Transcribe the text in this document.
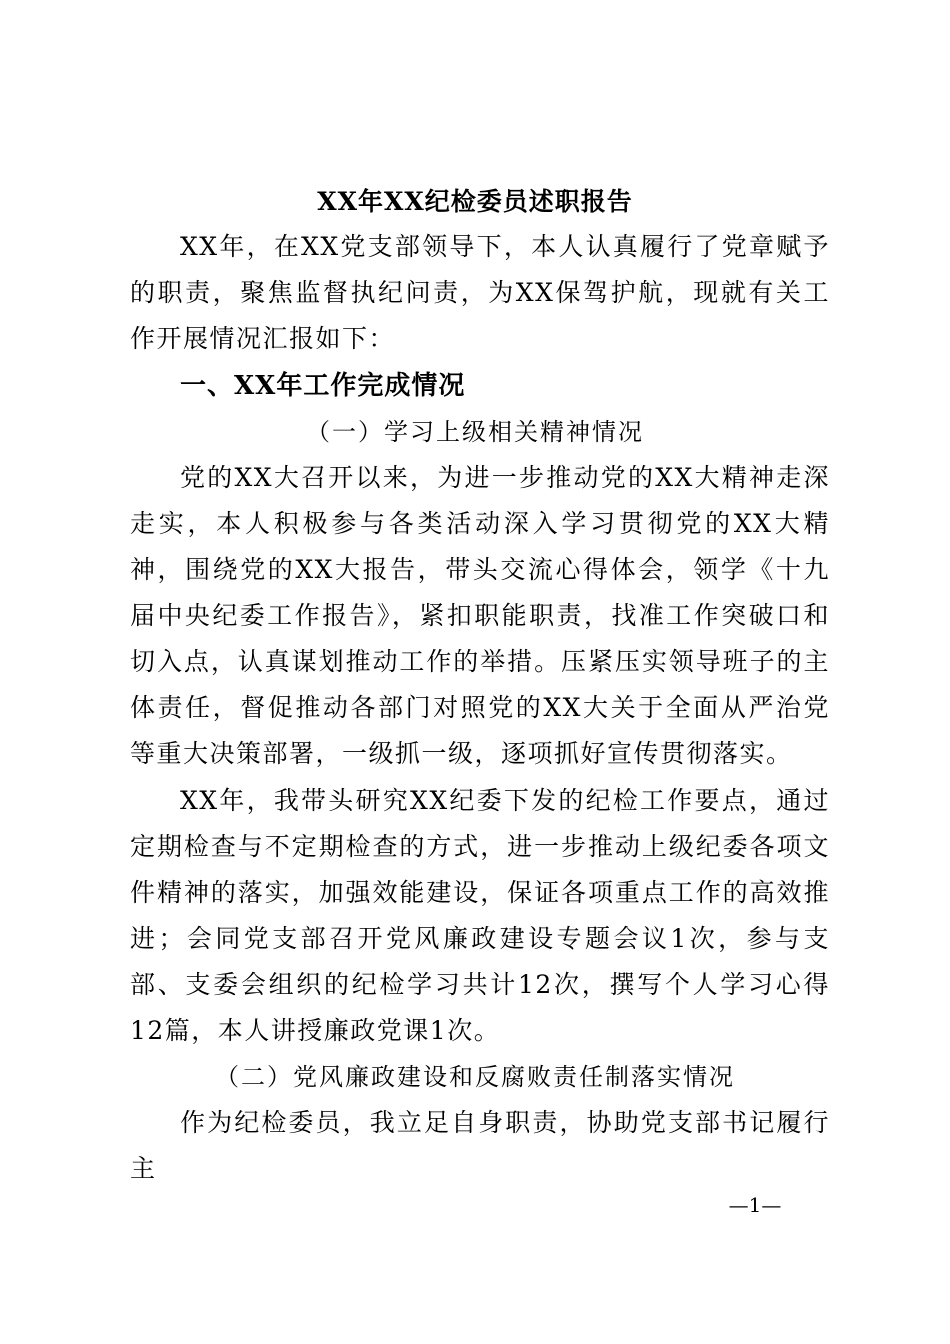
XX年XX纪检委员述职报告
XX年，在XX党支部领导下，本人认真履行了党章赋予的职责，聚焦监督执纪问责，为XX保驾护航，现就有关工作开展情况汇报如下：
一、XX年工作完成情况
（一）学习上级相关精神情况
党的XX大召开以来，为进一步推动党的XX大精神走深走实，本人积极参与各类活动深入学习贯彻党的XX大精神，围绕党的XX大报告，带头交流心得体会，领学《十九届中央纪委工作报告》，紧扣职能职责，找准工作突破口和切入点，认真谋划推动工作的举措。压紧压实领导班子的主体责任，督促推动各部门对照党的XX大关于全面从严治党等重大决策部署，一级抓一级，逐项抓好宣传贯彻落实。
XX年，我带头研究XX纪委下发的纪检工作要点，通过定期检查与不定期检查的方式，进一步推动上级纪委各项文件精神的落实，加强效能建设，保证各项重点工作的高效推进；会同党支部召开党风廉政建设专题会议1次，参与支部、支委会组织的纪检学习共计12次，撰写个人学习心得12篇，本人讲授廉政党课1次。
（二）党风廉政建设和反腐败责任制落实情况
作为纪检委员，我立足自身职责，协助党支部书记履行主
—1—
